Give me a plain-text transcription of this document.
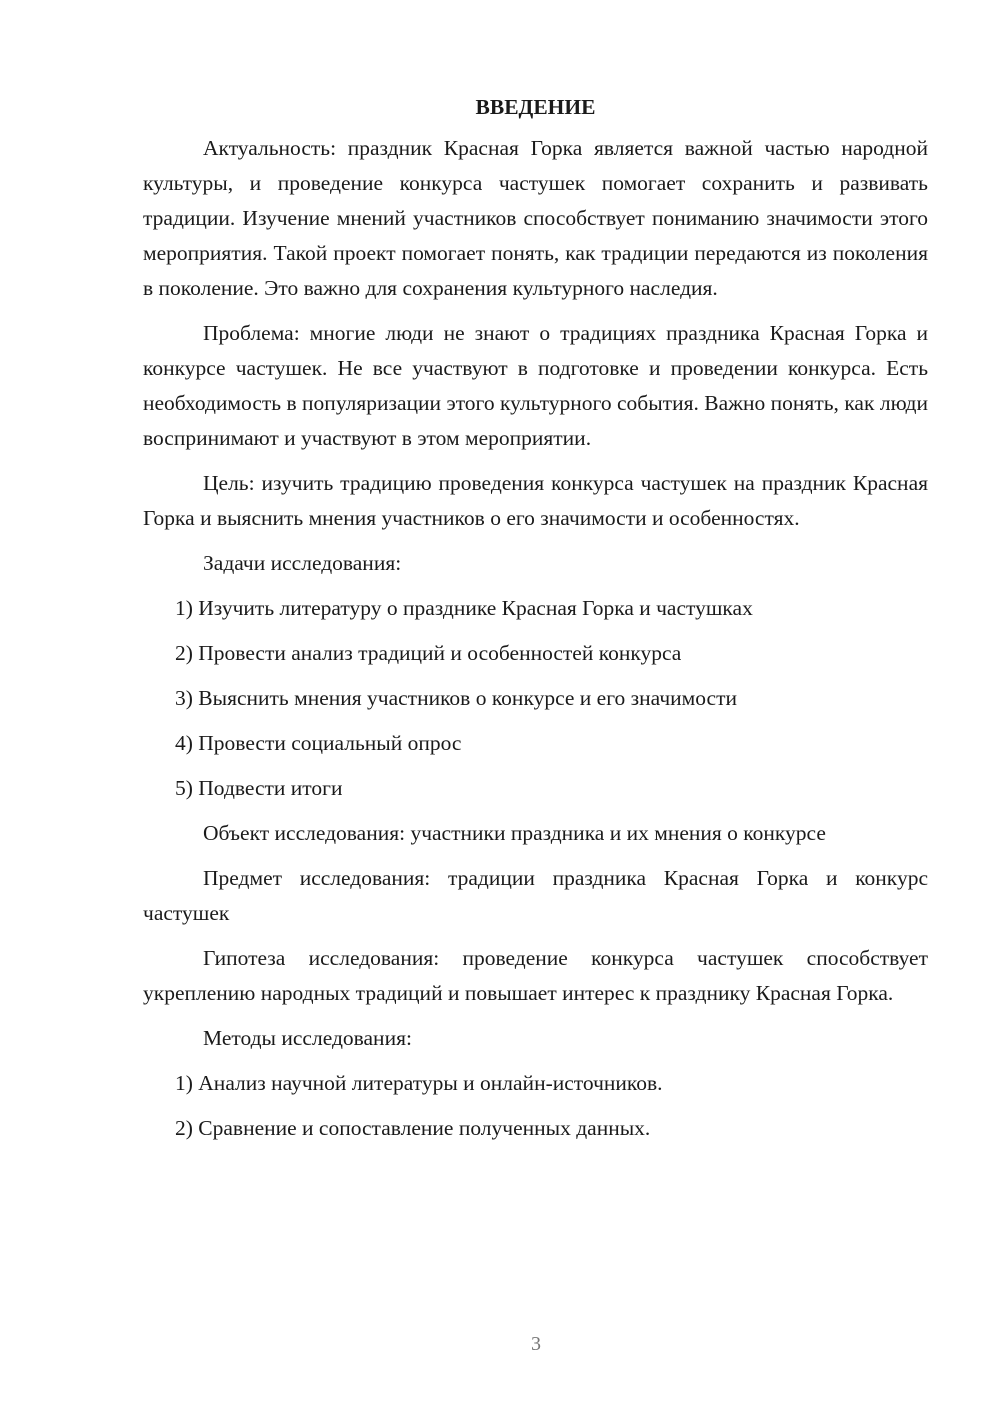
ВВЕДЕНИЕ

Актуальность: праздник Красная Горка является важной частью народной культуры, и проведение конкурса частушек помогает сохранить и развивать традиции. Изучение мнений участников способствует пониманию значимости этого мероприятия. Такой проект помогает понять, как традиции передаются из поколения в поколение. Это важно для сохранения культурного наследия.

Проблема: многие люди не знают о традициях праздника Красная Горка и конкурсе частушек. Не все участвуют в подготовке и проведении конкурса. Есть необходимость в популяризации этого культурного события. Важно понять, как люди воспринимают и участвуют в этом мероприятии.

Цель: изучить традицию проведения конкурса частушек на праздник Красная Горка и выяснить мнения участников о его значимости и особенностях.

Задачи исследования:
1) Изучить литературу о празднике Красная Горка и частушках
2) Провести анализ традиций и особенностей конкурса
3) Выяснить мнения участников о конкурсе и его значимости
4) Провести социальный опрос
5) Подвести итоги

Объект исследования: участники праздника и их мнения о конкурсе

Предмет исследования: традиции праздника Красная Горка и конкурс частушек

Гипотеза исследования: проведение конкурса частушек способствует укреплению народных традиций и повышает интерес к празднику Красная Горка.

Методы исследования:
1) Анализ научной литературы и онлайн-источников.
2) Сравнение и сопоставление полученных данных.
3
